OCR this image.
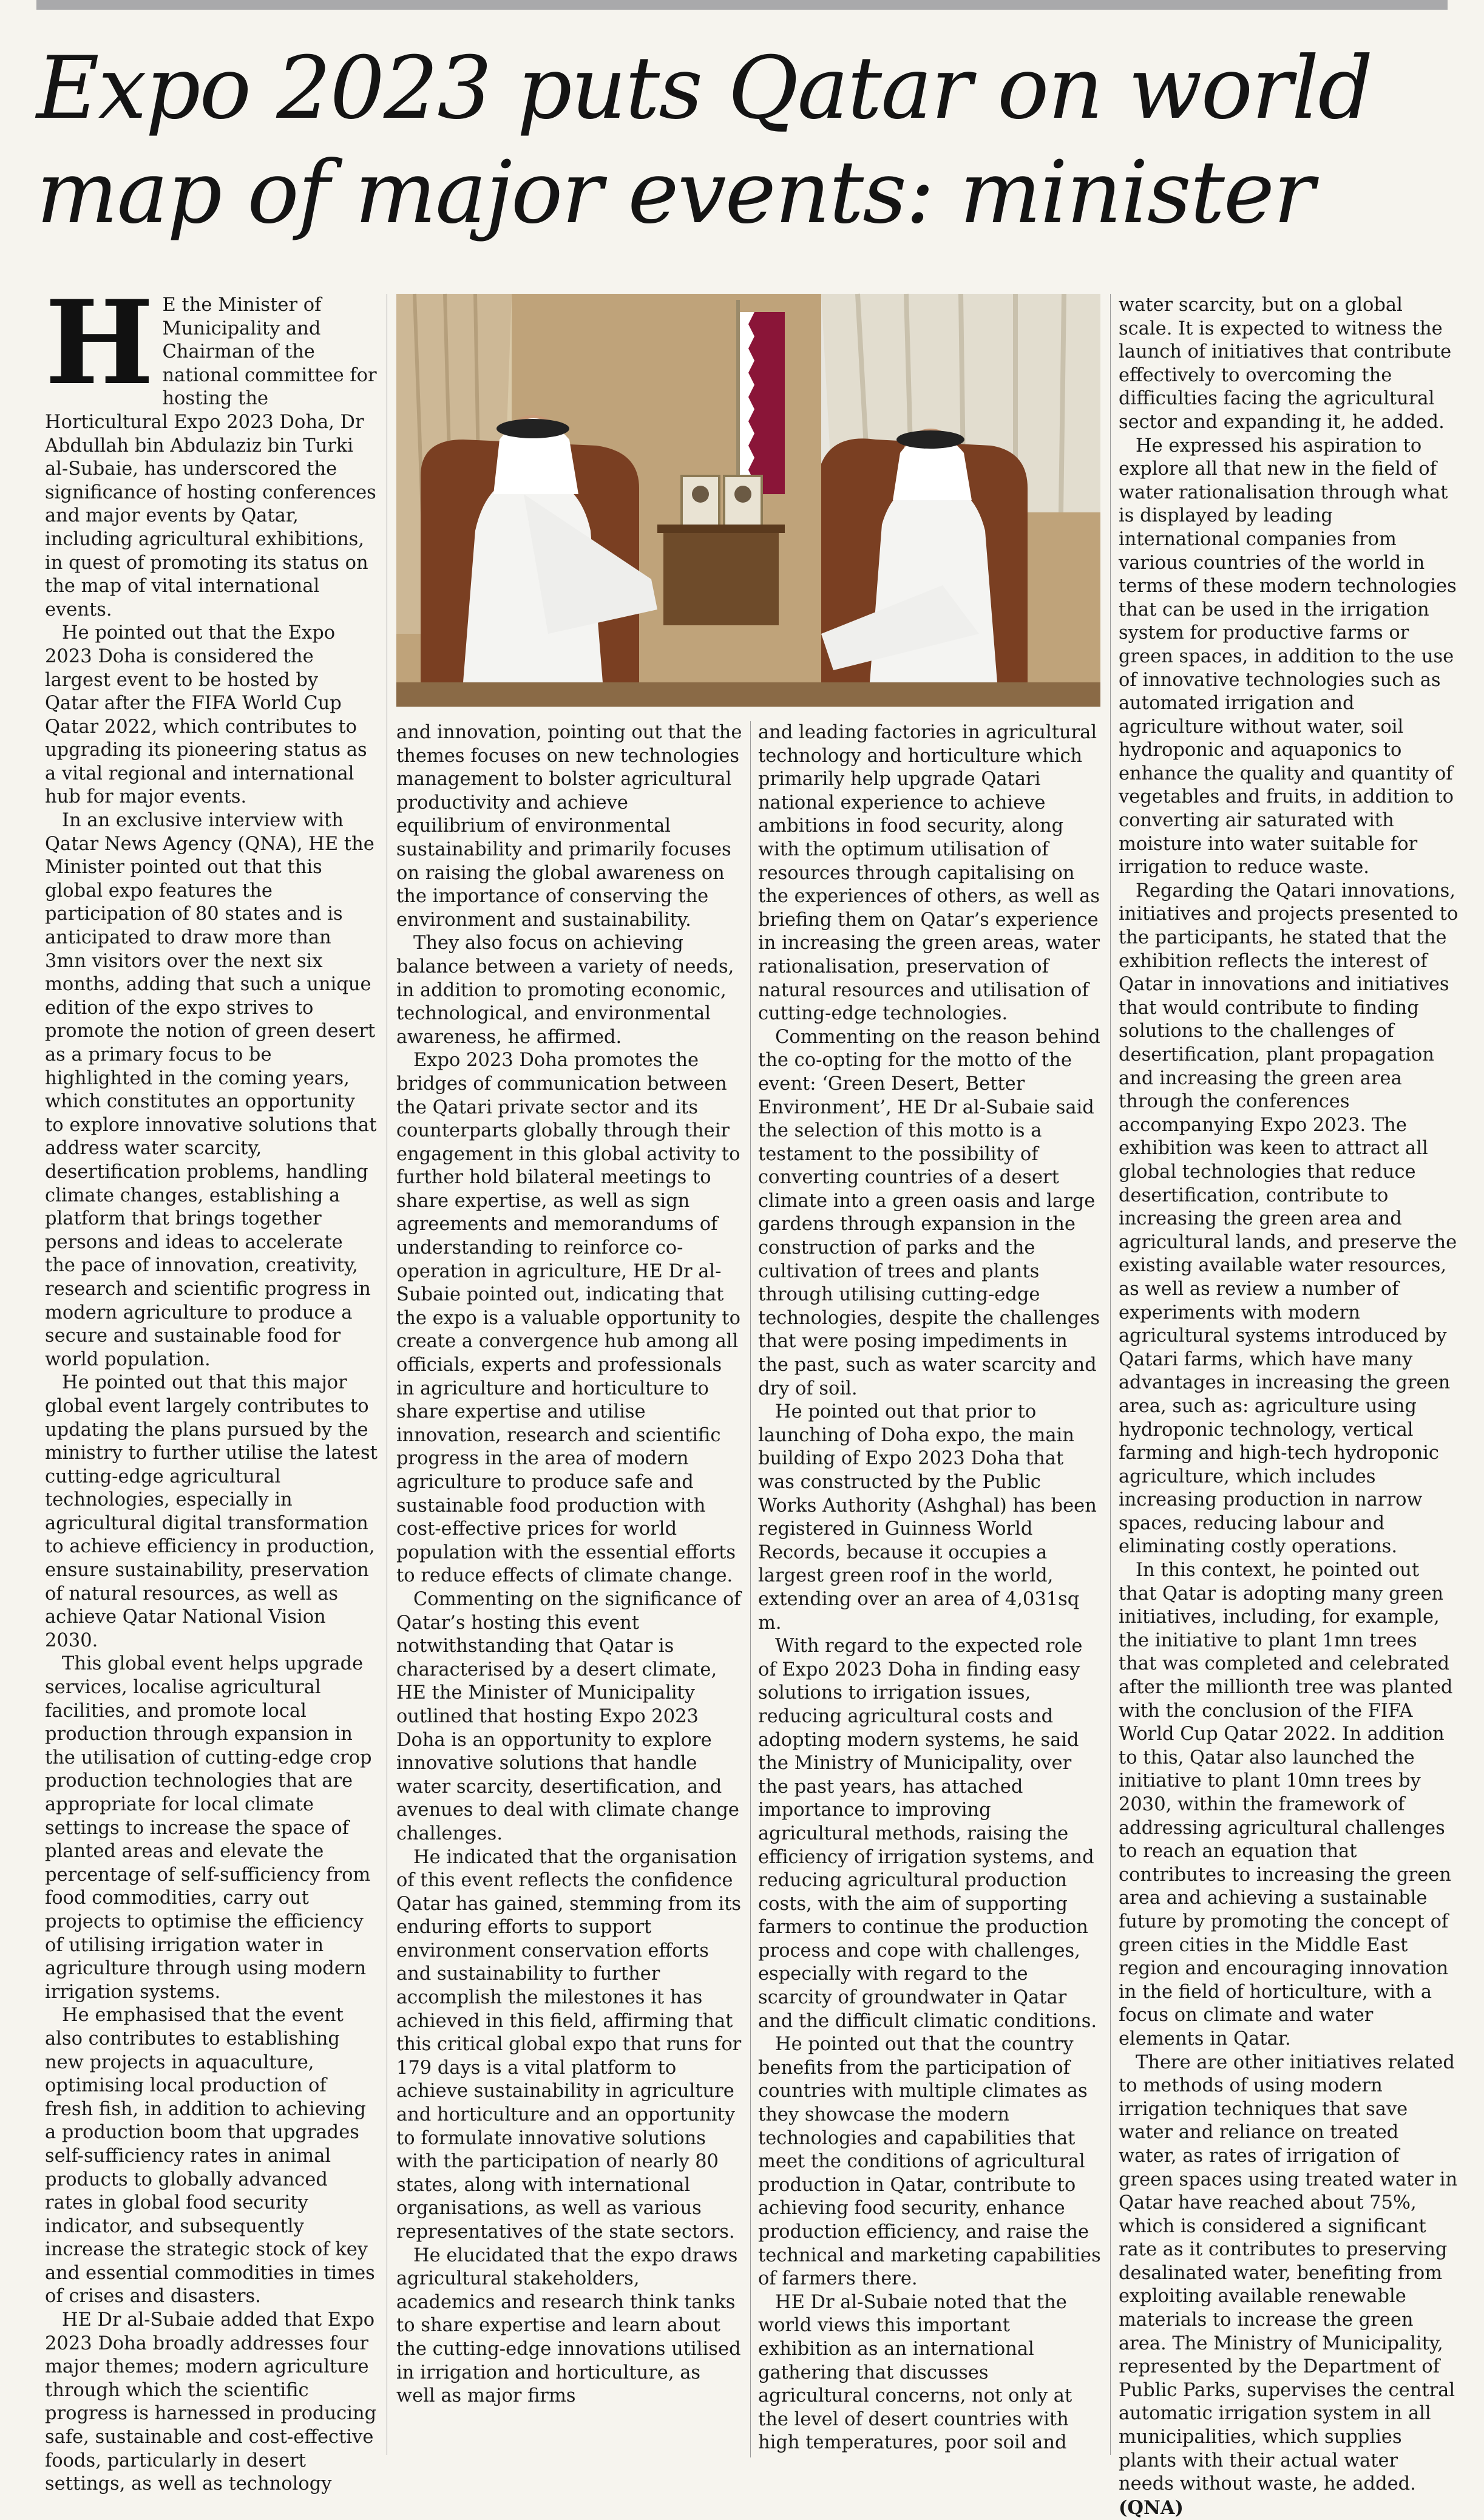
Expo 2023 puts Qatar on world map of major events: minister

H E the Minister of Municipality and Chairman of the national committee for hosting the Horticultural Expo 2023 Doha, Dr Abdullah bin Abdulaziz bin Turki al-Subaie, has underscored the significance of hosting conferences and major events by Qatar, including agricultural exhibitions, in quest of promoting its status on the map of vital international events.

He pointed out that the Expo 2023 Doha is considered the largest event to be hosted by Qatar after the FIFA World Cup Qatar 2022, which contributes to upgrading its pioneering status as a vital regional and international hub for major events.

In an exclusive interview with Qatar News Agency (QNA), HE the Minister pointed out that this global expo features the participation of 80 states and is anticipated to draw more than 3mn visitors over the next six months, adding that such a unique edition of the expo strives to promote the notion of green desert as a primary focus to be highlighted in the coming years, which constitutes an opportunity to explore innovative solutions that address water scarcity, desertification problems, handling climate changes, establishing a platform that brings together persons and ideas to accelerate the pace of innovation, creativity, research and scientific progress in modern agriculture to produce a secure and sustainable food for world population.

He pointed out that this major global event largely contributes to updating the plans pursued by the ministry to further utilise the latest cutting-edge agricultural technologies, especially in agricultural digital transformation to achieve efficiency in production, ensure sustainability, preservation of natural resources, as well as achieve Qatar National Vision 2030.

This global event helps upgrade services, localise agricultural facilities, and promote local production through expansion in the utilisation of cutting-edge crop production technologies that are appropriate for local climate settings to increase the space of planted areas and elevate the percentage of self-sufficiency from food commodities, carry out projects to optimise the efficiency of utilising irrigation water in agriculture through using modern irrigation systems.

He emphasised that the event also contributes to establishing new projects in aquaculture, optimising local production of fresh fish, in addition to achieving a production boom that upgrades self-sufficiency rates in animal products to globally advanced rates in global food security indicator, and subsequently increase the strategic stock of key and essential commodities in times of crises and disasters.

HE Dr al-Subaie added that Expo 2023 Doha broadly addresses four major themes; modern agriculture through which the scientific progress is harnessed in producing safe, sustainable and cost-effective foods, particularly in desert settings, as well as technology

and innovation, pointing out that the themes focuses on new technologies management to bolster agricultural productivity and achieve equilibrium of environmental sustainability and primarily focuses on raising the global awareness on the importance of conserving the environment and sustainability.

They also focus on achieving balance between a variety of needs, in addition to promoting economic, technological, and environmental awareness, he affirmed.

Expo 2023 Doha promotes the bridges of communication between the Qatari private sector and its counterparts globally through their engagement in this global activity to further hold bilateral meetings to share expertise, as well as sign agreements and memorandums of understanding to reinforce co-operation in agriculture, HE Dr al-Subaie pointed out, indicating that the expo is a valuable opportunity to create a convergence hub among all officials, experts and professionals in agriculture and horticulture to share expertise and utilise innovation, research and scientific progress in the area of modern agriculture to produce safe and sustainable food production with cost-effective prices for world population with the essential efforts to reduce effects of climate change.

Commenting on the significance of Qatar’s hosting this event notwithstanding that Qatar is characterised by a desert climate, HE the Minister of Municipality outlined that hosting Expo 2023 Doha is an opportunity to explore innovative solutions that handle water scarcity, desertification, and avenues to deal with climate change challenges.

He indicated that the organisation of this event reflects the confidence Qatar has gained, stemming from its enduring efforts to support environment conservation efforts and sustainability to further accomplish the milestones it has achieved in this field, affirming that this critical global expo that runs for 179 days is a vital platform to achieve sustainability in agriculture and horticulture and an opportunity to formulate innovative solutions with the participation of nearly 80 states, along with international organisations, as well as various representatives of the state sectors.

He elucidated that the expo draws agricultural stakeholders, academics and research think tanks to share expertise and learn about the cutting-edge innovations utilised in irrigation and horticulture, as well as major firms

and leading factories in agricultural technology and horticulture which primarily help upgrade Qatari national experience to achieve ambitions in food security, along with the optimum utilisation of resources through capitalising on the experiences of others, as well as briefing them on Qatar’s experience in increasing the green areas, water rationalisation, preservation of natural resources and utilisation of cutting-edge technologies.

Commenting on the reason behind the co-opting for the motto of the event: ‘Green Desert, Better Environment’, HE Dr al-Subaie said the selection of this motto is a testament to the possibility of converting countries of a desert climate into a green oasis and large gardens through expansion in the construction of parks and the cultivation of trees and plants through utilising cutting-edge technologies, despite the challenges that were posing impediments in the past, such as water scarcity and dry of soil.

He pointed out that prior to launching of Doha expo, the main building of Expo 2023 Doha that was constructed by the Public Works Authority (Ashghal) has been registered in Guinness World Records, because it occupies a largest green roof in the world, extending over an area of 4,031sq m.

With regard to the expected role of Expo 2023 Doha in finding easy solutions to irrigation issues, reducing agricultural costs and adopting modern systems, he said the Ministry of Municipality, over the past years, has attached importance to improving agricultural methods, raising the efficiency of irrigation systems, and reducing agricultural production costs, with the aim of supporting farmers to continue the production process and cope with challenges, especially with regard to the scarcity of groundwater in Qatar and the difficult climatic conditions.

He pointed out that the country benefits from the participation of countries with multiple climates as they showcase the modern technologies and capabilities that meet the conditions of agricultural production in Qatar, contribute to achieving food security, enhance production efficiency, and raise the technical and marketing capabilities of farmers there.

HE Dr al-Subaie noted that the world views this important exhibition as an international gathering that discusses agricultural concerns, not only at the level of desert countries with high temperatures, poor soil and

water scarcity, but on a global scale. It is expected to witness the launch of initiatives that contribute effectively to overcoming the difficulties facing the agricultural sector and expanding it, he added.

He expressed his aspiration to explore all that new in the field of water rationalisation through what is displayed by leading international companies from various countries of the world in terms of these modern technologies that can be used in the irrigation system for productive farms or green spaces, in addition to the use of innovative technologies such as automated irrigation and agriculture without water, soil hydroponic and aquaponics to enhance the quality and quantity of vegetables and fruits, in addition to converting air saturated with moisture into water suitable for irrigation to reduce waste.

Regarding the Qatari innovations, initiatives and projects presented to the participants, he stated that the exhibition reflects the interest of Qatar in innovations and initiatives that would contribute to finding solutions to the challenges of desertification, plant propagation and increasing the green area through the conferences accompanying Expo 2023. The exhibition was keen to attract all global technologies that reduce desertification, contribute to increasing the green area and agricultural lands, and preserve the existing available water resources, as well as review a number of experiments with modern agricultural systems introduced by Qatari farms, which have many advantages in increasing the green area, such as: agriculture using hydroponic technology, vertical farming and high-tech hydroponic agriculture, which includes increasing production in narrow spaces, reducing labour and eliminating costly operations.

In this context, he pointed out that Qatar is adopting many green initiatives, including, for example, the initiative to plant 1mn trees that was completed and celebrated after the millionth tree was planted with the conclusion of the FIFA World Cup Qatar 2022. In addition to this, Qatar also launched the initiative to plant 10mn trees by 2030, within the framework of addressing agricultural challenges to reach an equation that contributes to increasing the green area and achieving a sustainable future by promoting the concept of green cities in the Middle East region and encouraging innovation in the field of horticulture, with a focus on climate and water elements in Qatar.

There are other initiatives related to methods of using modern irrigation techniques that save water and reliance on treated water, as rates of irrigation of green spaces using treated water in Qatar have reached about 75%, which is considered a significant rate as it contributes to preserving desalinated water, benefiting from exploiting available renewable materials to increase the green area. The Ministry of Municipality, represented by the Department of Public Parks, supervises the central automatic irrigation system in all municipalities, which supplies plants with their actual water needs without waste, he added. (QNA)
